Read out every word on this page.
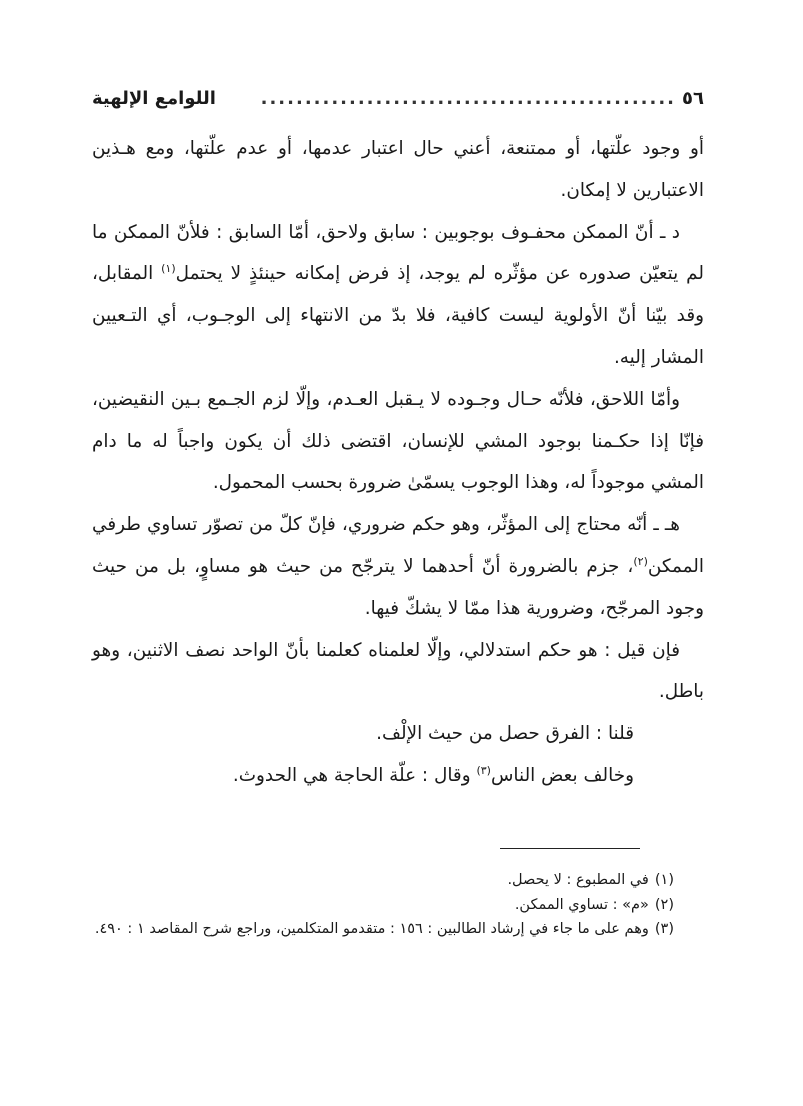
٥٦
...............................................
اللوامع الإلهية

أو وجود علّتها، أو ممتنعة، أعني حال اعتبار عدمها، أو عدم علّتها، ومع هـذين الاعتبارين لا إمكان.

د ـ أنّ الممكن محفـوف بوجوبين : سابق ولاحق، أمّا السابق : فلأنّ الممكن ما لم يتعيّن صدوره عن مؤثّره لم يوجد، إذ فرض إمكانه حينئذٍ لا يحتمل$^{(١)}$ المقابل، وقد بيّنا أنّ الأولوية ليست كافية، فلا بدّ من الانتهاء إلى الوجـوب، أي التـعيين المشار إليه.

وأمّا اللاحق، فلأنّه حـال وجـوده لا يـقبل العـدم، وإلّا لزم الجـمع بـين النقيضين، فإنّا إذا حكـمنا بوجود المشي للإنسان، اقتضى ذلك أن يكون واجباً له ما دام المشي موجوداً له، وهذا الوجوب يسمّىٰ ضرورة بحسب المحمول.

هـ ـ أنّه محتاج إلى المؤثّر، وهو حكم ضروري، فإنّ كلّ من تصوّر تساوي طرفي الممكن$^{(٢)}$، جزم بالضرورة أنّ أحدهما لا يترجّح من حيث هو مساوٍ، بل من حيث وجود المرجّح، وضرورية هذا ممّا لا يشكّ فيها.

فإن قيل : هو حكم استدلالي، وإلّا لعلمناه كعلمنا بأنّ الواحد نصف الاثنين، وهو باطل.

قلنا : الفرق حصل من حيث الإلْف.

وخالف بعض الناس$^{(٣)}$ وقال : علّة الحاجة هي الحدوث.

(١)في المطبوع : لا يحصل.

(٢)«م» : تساوي الممكن.

(٣)وهم على ما جاء في إرشاد الطالبين : ١٥٦ : متقدمو المتكلمين، وراجع شرح المقاصد ١ : ٤٩٠.
